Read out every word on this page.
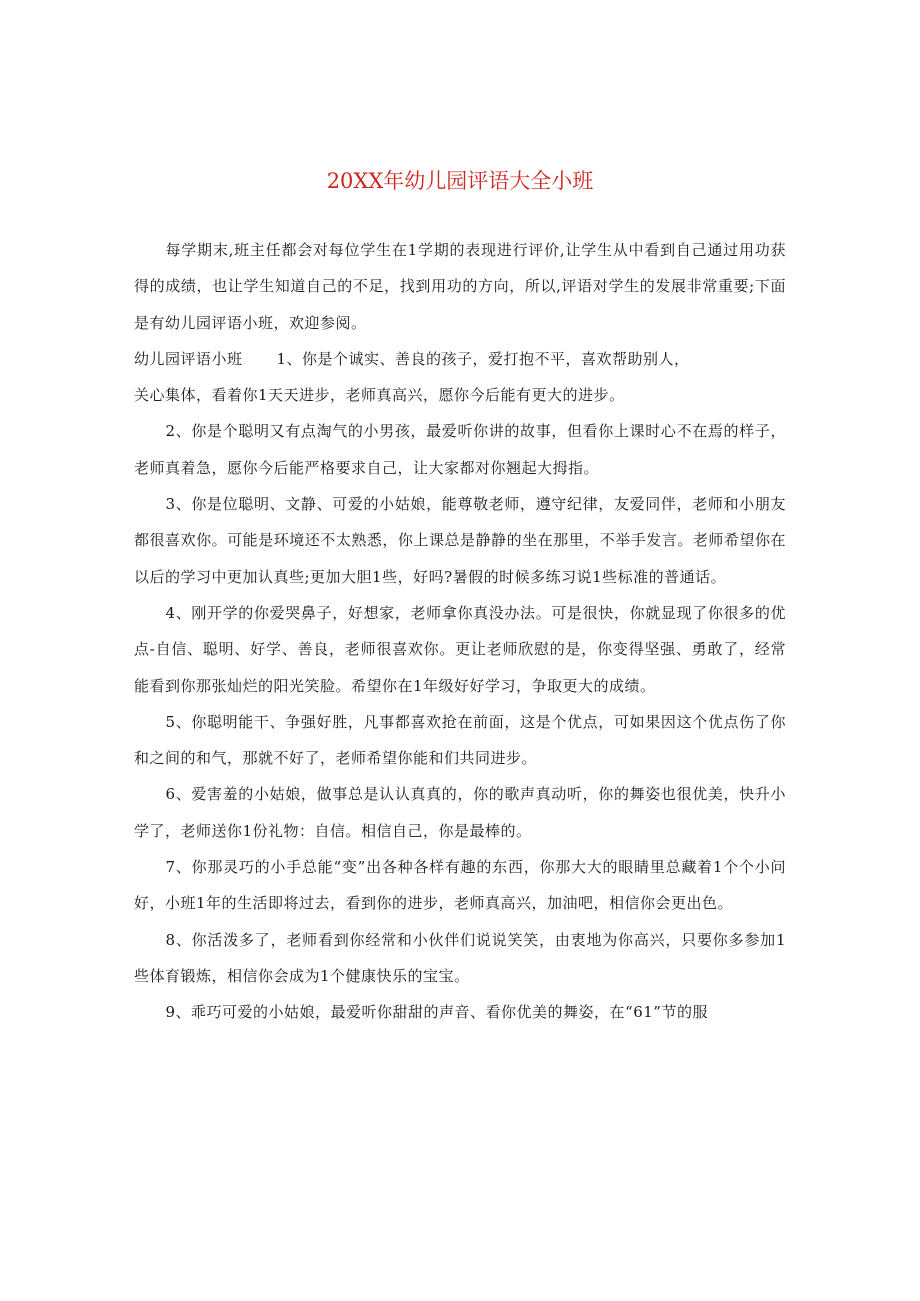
20XX年幼儿园评语大全小班

每学期末,班主任都会对每位学生在1学期的表现进行评价,让学生从中看到自己通过用功获得的成绩，也让学生知道自己的不足，找到用功的方向，所以,评语对学生的发展非常重要;下面是有幼儿园评语小班，欢迎参阅。

幼儿园评语小班 1、你是个诚实、善良的孩子，爱打抱不平，喜欢帮助别人，

关心集体，看着你1天天进步，老师真高兴，愿你今后能有更大的进步。

2、你是个聪明又有点淘气的小男孩，最爱听你讲的故事，但看你上课时心不在焉的样子，老师真着急，愿你今后能严格要求自己，让大家都对你翘起大拇指。

3、你是位聪明、文静、可爱的小姑娘，能尊敬老师，遵守纪律，友爱同伴，老师和小朋友都很喜欢你。可能是环境还不太熟悉，你上课总是静静的坐在那里，不举手发言。老师希望你在以后的学习中更加认真些;更加大胆1些，好吗?暑假的时候多练习说1些标准的普通话。

4、刚开学的你爱哭鼻子，好想家，老师拿你真没办法。可是很快，你就显现了你很多的优点-自信、聪明、好学、善良，老师很喜欢你。更让老师欣慰的是，你变得坚强、勇敢了，经常能看到你那张灿烂的阳光笑脸。希望你在1年级好好学习，争取更大的成绩。

5、你聪明能干、争强好胜，凡事都喜欢抢在前面，这是个优点，可如果因这个优点伤了你和之间的和气，那就不好了，老师希望你能和们共同进步。

6、爱害羞的小姑娘，做事总是认认真真的，你的歌声真动听，你的舞姿也很优美，快升小学了，老师送你1份礼物：自信。相信自己，你是最棒的。

7、你那灵巧的小手总能“变”出各种各样有趣的东西，你那大大的眼睛里总藏着1个个小问好，小班1年的生活即将过去，看到你的进步，老师真高兴，加油吧，相信你会更出色。

8、你活泼多了，老师看到你经常和小伙伴们说说笑笑，由衷地为你高兴，只要你多参加1些体育锻炼，相信你会成为1个健康快乐的宝宝。

9、乖巧可爱的小姑娘，最爱听你甜甜的声音、看你优美的舞姿，在“61”节的服
